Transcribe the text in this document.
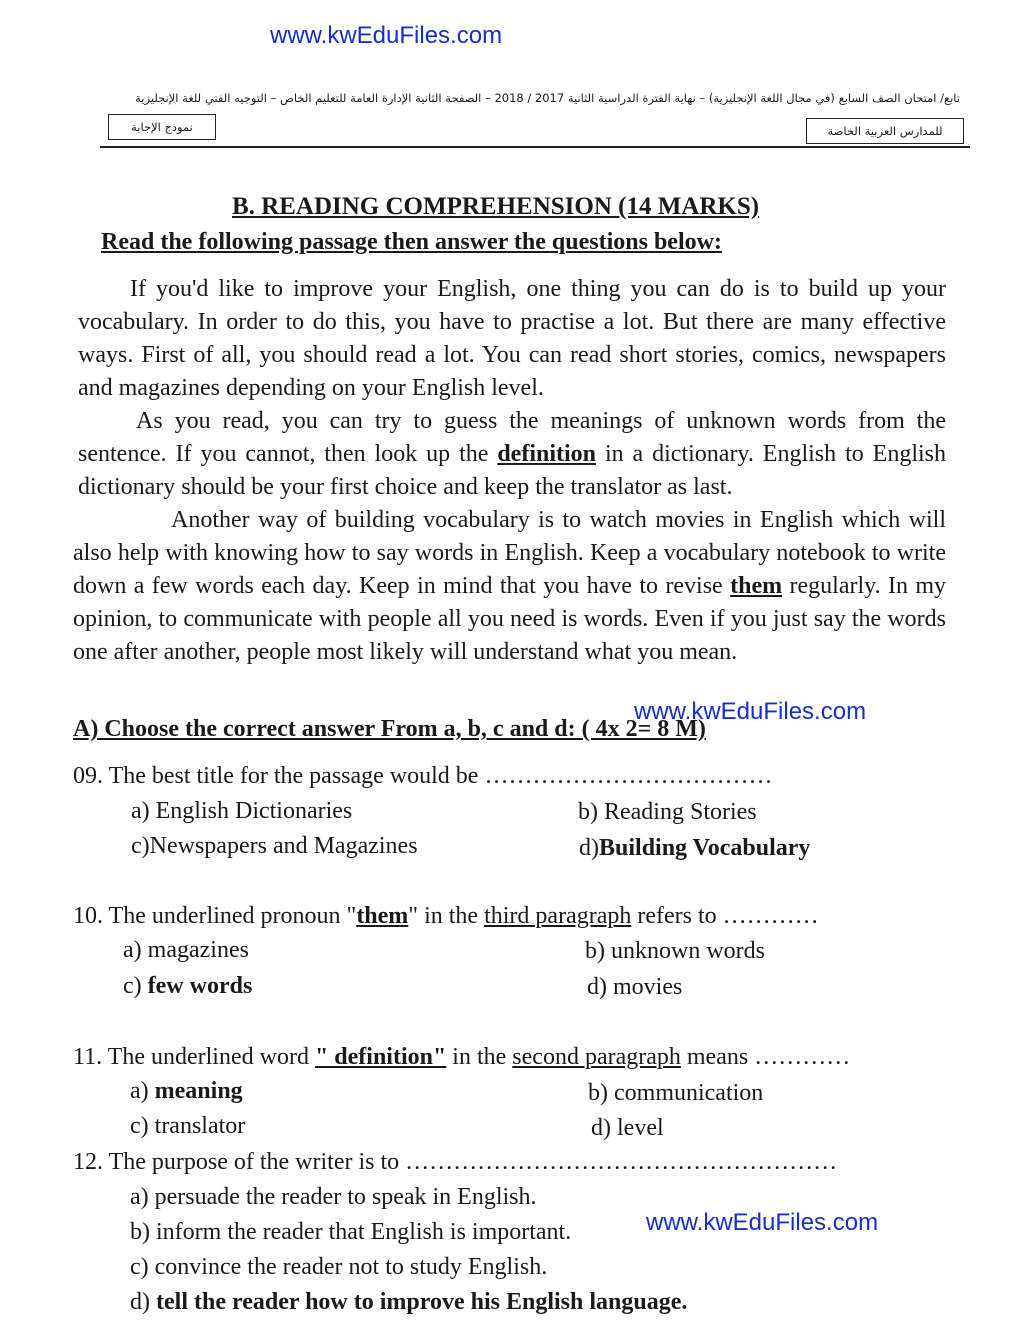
www.kwEduFiles.com
www.kwEduFiles.com
www.kwEduFiles.com
تابع/ امتحان الصف السابع (في مجال اللغة الإنجليزية) – نهاية الفترة الدراسية الثانية 2017 / 2018 – الصفحة الثانية الإدارة العامة للتعليم الخاص – التوجيه الفني للغة الإنجليزية
نموذج الإجابة	للمدارس العربية الخاصة
B. READING COMPREHENSION (14 MARKS)
Read the following passage then answer the questions below:
If you'd like to improve your English, one thing you can do is to build up your vocabulary. In order to do this, you have to practise a lot. But there are many effective ways. First of all, you should read a lot. You can read short stories, comics, newspapers and magazines depending on your English level.
As you read, you can try to guess the meanings of unknown words from the sentence. If you cannot, then look up the definition in a dictionary. English to English dictionary should be your first choice and keep the translator as last.
Another way of building vocabulary is to watch movies in English which will also help with knowing how to say words in English. Keep a vocabulary notebook to write down a few words each day. Keep in mind that you have to revise them regularly. In my opinion, to communicate with people all you need is words. Even if you just say the words one after another, people most likely will understand what you mean.
A) Choose the correct answer From a, b, c and d: ( 4x 2= 8 M)
09. The best title for the passage would be ………………………………
a) English Dictionaries	b) Reading Stories
c)Newspapers and Magazines	d)Building Vocabulary
10. The underlined pronoun "them" in the third paragraph refers to …………
a) magazines	b) unknown words
c) few words	d) movies
11. The underlined word " definition" in the second paragraph means …………
a) meaning	b) communication
c) translator	d) level
12. The purpose of the writer is to ………………………………………………
a) persuade the reader to speak in English.
b) inform the reader that English is important.
c) convince the reader not to study English.
d) tell the reader how to improve his English language.
